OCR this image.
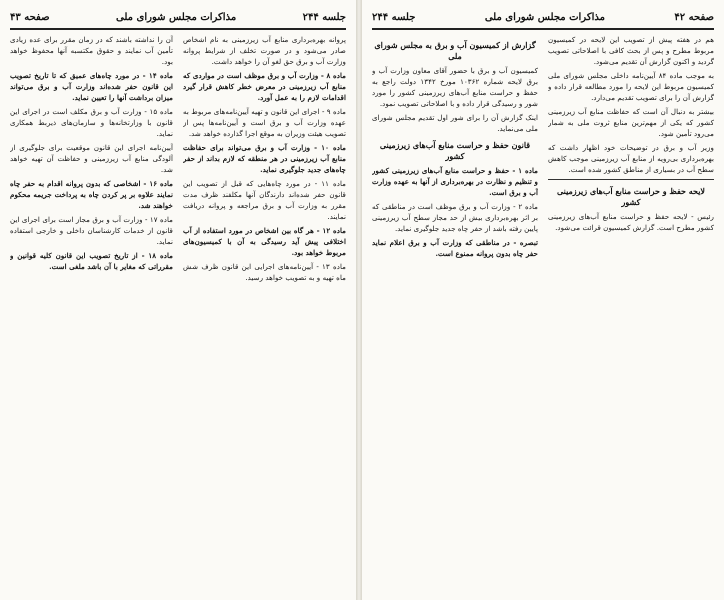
جلسه ۲۴۴
مذاکرات مجلس شورای ملی
صفحه ۴۳

پروانه بهره‌برداری منابع آب زیرزمینی به نام اشخاص صادر می‌شود و در صورت تخلف از شرایط پروانه وزارت آب و برق حق لغو آن را خواهد داشت.

ماده ۸ - وزارت آب و برق موظف است در مواردی که منابع آب زیرزمینی در معرض خطر کاهش قرار گیرد اقدامات لازم را به عمل آورد.

ماده ۹ - اجرای این قانون و تهیه آیین‌نامه‌های مربوط به عهده وزارت آب و برق است و آیین‌نامه‌ها پس از تصویب هیئت وزیران به موقع اجرا گذارده خواهد شد.

ماده ۱۰ - وزارت آب و برق می‌تواند برای حفاظت منابع آب زیرزمینی در هر منطقه که لازم بداند از حفر چاه‌های جدید جلوگیری نماید.

ماده ۱۱ - در مورد چاه‌هایی که قبل از تصویب این قانون حفر شده‌اند دارندگان آنها مکلفند ظرف مدت مقرر به وزارت آب و برق مراجعه و پروانه دریافت نمایند.

ماده ۱۲ - هر گاه بین اشخاص در مورد استفاده از آب اختلافی پیش آید رسیدگی به آن با کمیسیون‌های مربوط خواهد بود.

ماده ۱۳ - آیین‌نامه‌های اجرایی این قانون ظرف شش ماه تهیه و به تصویب خواهد رسید.

آن را نداشته باشند که در زمان مقرر برای عده زیادی تأمین آب نمایند و حقوق مکتسبه آنها محفوظ خواهد بود.

ماده ۱۴ - در مورد چاه‌های عمیق که تا تاریخ تصویب این قانون حفر شده‌اند وزارت آب و برق می‌تواند میزان برداشت آنها را تعیین نماید.

ماده ۱۵ - وزارت آب و برق مکلف است در اجرای این قانون با وزارتخانه‌ها و سازمان‌های ذیربط همکاری نماید.

آیین‌نامه اجرای این قانون موقعیت برای جلوگیری از آلودگی منابع آب زیرزمینی و حفاظت آن تهیه خواهد شد.

ماده ۱۶ - اشخاصی که بدون پروانه اقدام به حفر چاه نمایند علاوه بر پر کردن چاه به پرداخت جریمه محکوم خواهند شد.

ماده ۱۷ - وزارت آب و برق مجاز است برای اجرای این قانون از خدمات کارشناسان داخلی و خارجی استفاده نماید.

ماده ۱۸ - از تاریخ تصویب این قانون کلیه قوانین و مقرراتی که مغایر با آن باشد ملغی است.

صفحه ۴۲
مذاکرات مجلس شورای ملی
جلسه ۲۴۴

هم در هفته پیش از تصویب این لایحه در کمیسیون مربوط مطرح و پس از بحث کافی با اصلاحاتی تصویب گردید و اکنون گزارش آن تقدیم می‌شود.

به موجب ماده ۸۴ آیین‌نامه داخلی مجلس شورای ملی کمیسیون مربوط این لایحه را مورد مطالعه قرار داده و گزارش آن را برای تصویب تقدیم می‌دارد.

بیشتر به دنبال آن است که حفاظت منابع آب زیرزمینی کشور که یکی از مهم‌ترین منابع ثروت ملی به شمار می‌رود تأمین شود.

وزیر آب و برق در توضیحات خود اظهار داشت که بهره‌برداری بی‌رویه از منابع آب زیرزمینی موجب کاهش سطح آب در بسیاری از مناطق کشور شده است.

لایحه حفظ و حراست منابع آب‌های زیرزمینی کشور

رئیس - لایحه حفظ و حراست منابع آب‌های زیرزمینی کشور مطرح است. گزارش کمیسیون قرائت می‌شود.

گزارش از کمیسیون آب و برق به مجلس شورای ملی

کمیسیون آب و برق با حضور آقای معاون وزارت آب و برق لایحه شماره ۱۰۳۶۲ مورخ ۱۳۴۲ دولت راجع به حفظ و حراست منابع آب‌های زیرزمینی کشور را مورد شور و رسیدگی قرار داده و با اصلاحاتی تصویب نمود.

اینک گزارش آن را برای شور اول تقدیم مجلس شورای ملی می‌نماید.

قانون حفظ و حراست منابع آب‌های زیرزمینی کشور

ماده ۱ - حفظ و حراست منابع آب‌های زیرزمینی کشور و تنظیم و نظارت در بهره‌برداری از آنها به عهده وزارت آب و برق است.

ماده ۲ - وزارت آب و برق موظف است در مناطقی که بر اثر بهره‌برداری بیش از حد مجاز سطح آب زیرزمینی پایین رفته باشد از حفر چاه جدید جلوگیری نماید.

تبصره - در مناطقی که وزارت آب و برق اعلام نماید حفر چاه بدون پروانه ممنوع است.
